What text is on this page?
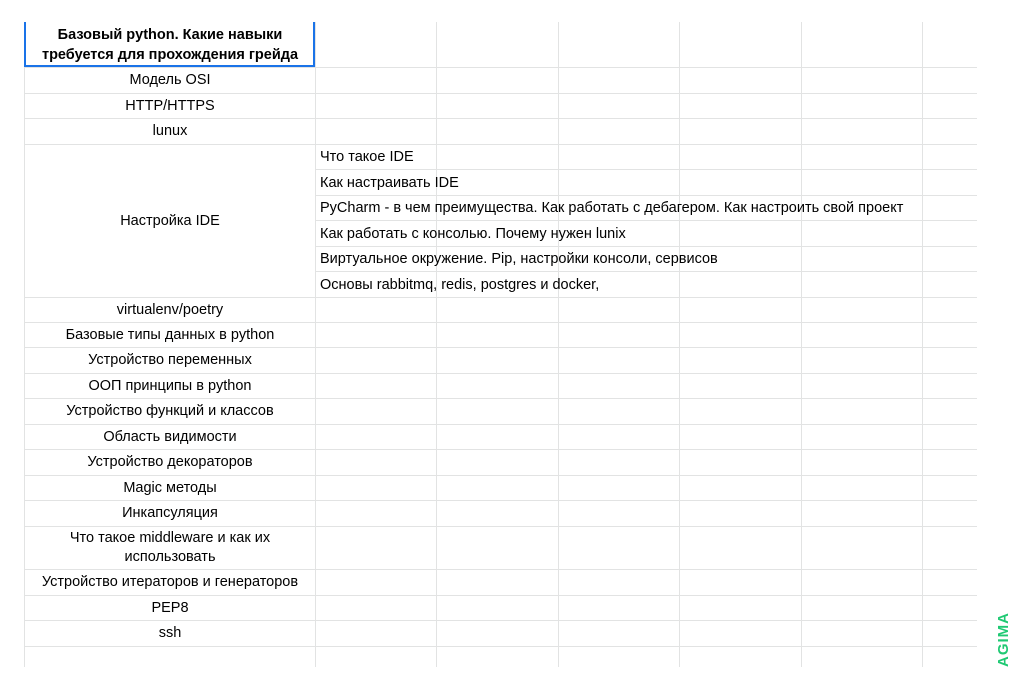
Базовый python. Какие навыки требуется для прохождения грейда
Модель OSI
HTTP/HTTPS
lunux
Настройка IDE
virtualenv/poetry
Базовые типы данных в python
Устройство переменных
ООП принципы в python
Устройство функций и классов
Область видимости
Устройство декораторов
Magic методы
Инкапсуляция
Что такое middleware и как их использовать
Устройство итераторов и генераторов
PEP8
ssh
Что такое IDE
Как настраивать IDE
PyCharm - в чем преимущества. Как работать с дебагером. Как настроить свой проект
Как работать с консолью. Почему нужен lunix
Виртуальное окружение. Pip, настройки консоли, сервисов
Основы rabbitmq, redis, postgres и docker,
AGIMA
